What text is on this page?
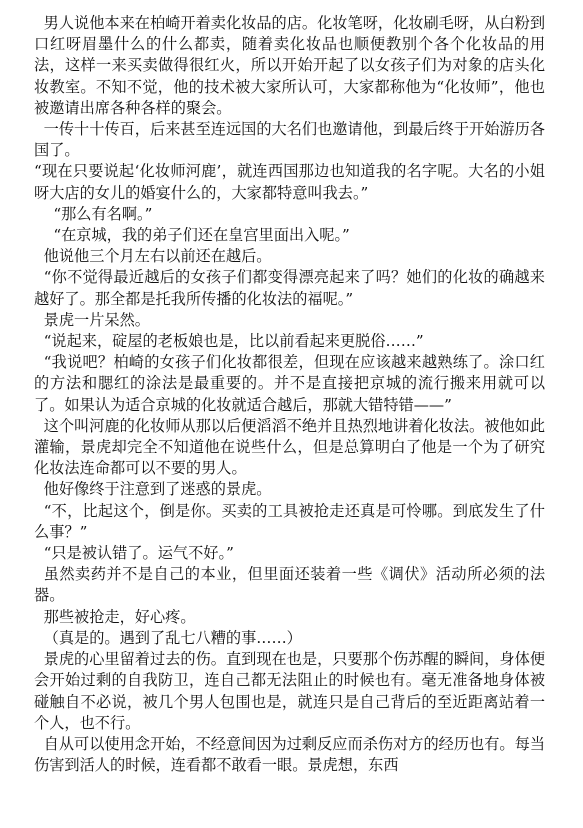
男人说他本来在柏崎开着卖化妆品的店。化妆笔呀，化妆刷毛呀，从白粉到口红呀眉墨什么的什么都卖，随着卖化妆品也顺便教别个各个化妆品的用法，这样一来买卖做得很红火，所以开始开起了以女孩子们为对象的店头化妆教室。不知不觉，他的技术被大家所认可，大家都称他为“化妆师”，他也被邀请出席各种各样的聚会。

一传十十传百，后来甚至连远国的大名们也邀请他，到最后终于开始游历各国了。

“现在只要说起‘化妆师河鹿’，就连西国那边也知道我的名字呢。大名的小姐呀大店的女儿的婚宴什么的，大家都特意叫我去。”

“那么有名啊。”

“在京城，我的弟子们还在皇宫里面出入呢。”

他说他三个月左右以前还在越后。

“你不觉得最近越后的女孩子们都变得漂亮起来了吗？她们的化妆的确越来越好了。那全都是托我所传播的化妆法的福呢。”

景虎一片呆然。

“说起来，碇屋的老板娘也是，比以前看起来更脱俗……”

“我说吧？柏崎的女孩子们化妆都很差，但现在应该越来越熟练了。涂口红的方法和腮红的涂法是最重要的。并不是直接把京城的流行搬来用就可以了。如果认为适合京城的化妆就适合越后，那就大错特错——”

这个叫河鹿的化妆师从那以后便滔滔不绝并且热烈地讲着化妆法。被他如此灌输，景虎却完全不知道他在说些什么，但是总算明白了他是一个为了研究化妆法连命都可以不要的男人。

他好像终于注意到了迷惑的景虎。

“不，比起这个，倒是你。买卖的工具被抢走还真是可怜哪。到底发生了什么事？”

“只是被认错了。运气不好。”

虽然卖药并不是自己的本业，但里面还装着一些《调伏》活动所必须的法器。

那些被抢走，好心疼。

（真是的。遇到了乱七八糟的事……）

景虎的心里留着过去的伤。直到现在也是，只要那个伤苏醒的瞬间，身体便会开始过剩的自我防卫，连自己都无法阻止的时候也有。毫无准备地身体被碰触自不必说，被几个男人包围也是，就连只是自己背后的至近距离站着一个人，也不行。

自从可以使用念开始，不经意间因为过剩反应而杀伤对方的经历也有。每当伤害到活人的时候，连看都不敢看一眼。景虎想，东西
